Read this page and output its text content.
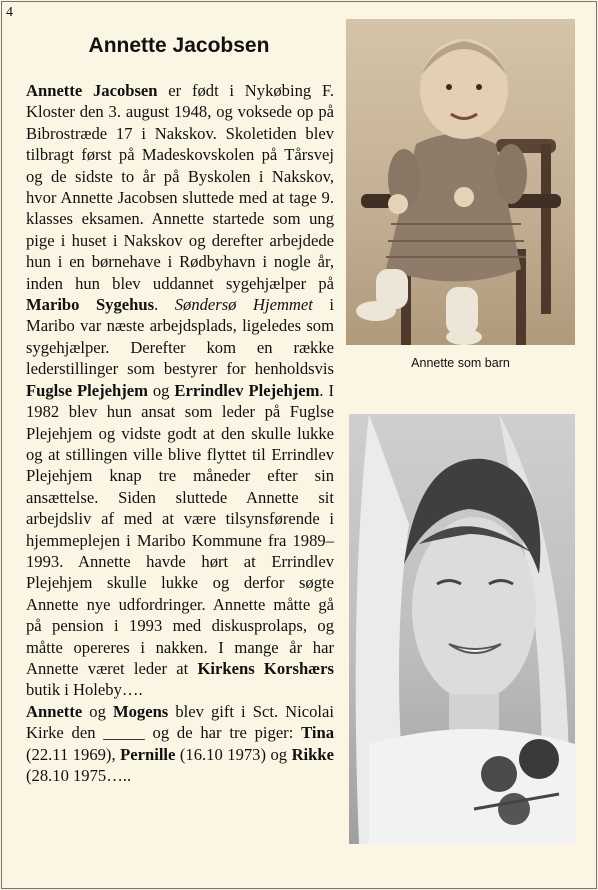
4
Annette Jacobsen

Annette Jacobsen er født i Nykøbing F. Kloster den 3. august 1948, og voksede op på Bibrostræde 17 i Nakskov. Skoletiden blev tilbragt først på Madeskovskolen på Tårsvej og de sidste to år på Byskolen i Nakskov, hvor Annette Jacobsen sluttede med at tage 9. klasses eksamen. Annette startede som ung pige i huset i Nakskov og derefter arbejdede hun i en børnehave i Rødbyhavn i nogle år, inden hun blev uddannet sygehjælper på Maribo Sygehus. Søndersø Hjemmet i Maribo var næste arbejdsplads, ligeledes som sygehjælper. Derefter kom en række lederstillinger som bestyrer for henholdsvis Fuglse Plejehjem og Errindlev Plejehjem. I 1982 blev hun ansat som leder på Fuglse Plejehjem og vidste godt at den skulle lukke og at stillingen ville blive flyttet til Errindlev Plejehjem knap tre måneder efter sin ansættelse. Siden sluttede Annette sit arbejdsliv af med at være tilsynsførende i hjemmeplejen i Maribo Kommune fra 1989– 1993. Annette havde hørt at Errindlev Plejehjem skulle lukke og derfor søgte Annette nye udfordringer. Annette måtte gå på pension i 1993 med diskusprolaps, og måtte opereres i nakken. I mange år har Annette været leder at Kirkens Korshærs butik i Holeby….

Annette og Mogens blev gift i Sct. Nicolai Kirke den _____ og de har tre piger: Tina (22.11 1969), Pernille (16.10 1973) og Rikke (28.10 1975…..

Annette som barn
